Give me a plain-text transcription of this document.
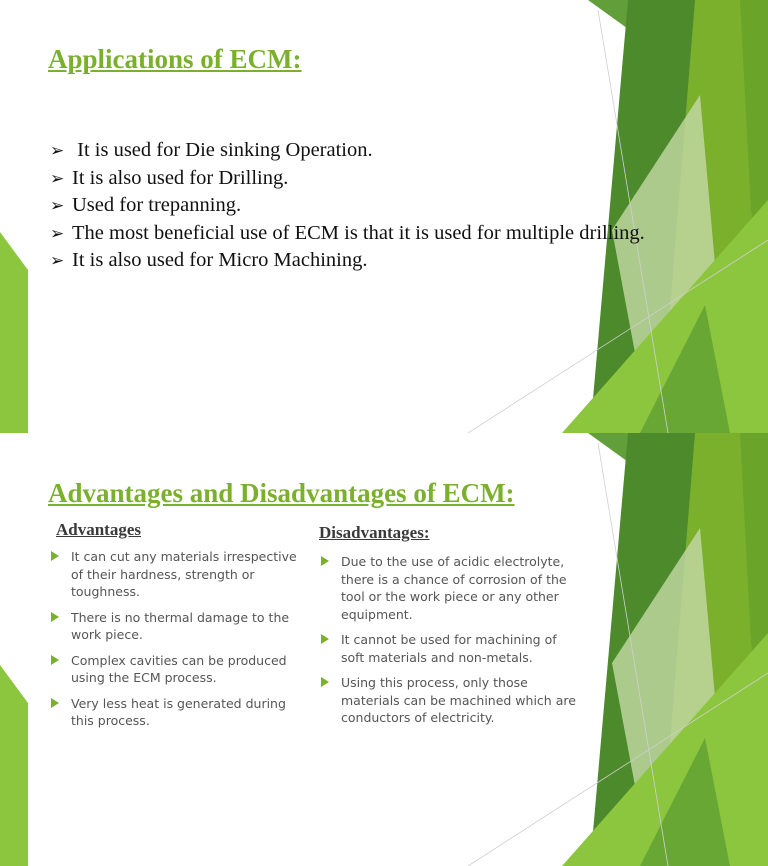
Applications of ECM:
➢ It is used for Die sinking Operation.
➢ It is also used for Drilling.
➢ Used for trepanning.
➢ The most beneficial use of ECM is that it is used for multiple drilling.
➢ It is also used for Micro Machining.
Advantages and Disadvantages of ECM:
Advantages
It can cut any materials irrespective of their hardness, strength or toughness.
There is no thermal damage to the work piece.
Complex cavities can be produced using the ECM process.
Very less heat is generated during this process.
Disadvantages:
Due to the use of acidic electrolyte, there is a chance of corrosion of the tool or the work piece or any other equipment.
It cannot be used for machining of soft materials and non-metals.
Using this process, only those materials can be machined which are conductors of electricity.
